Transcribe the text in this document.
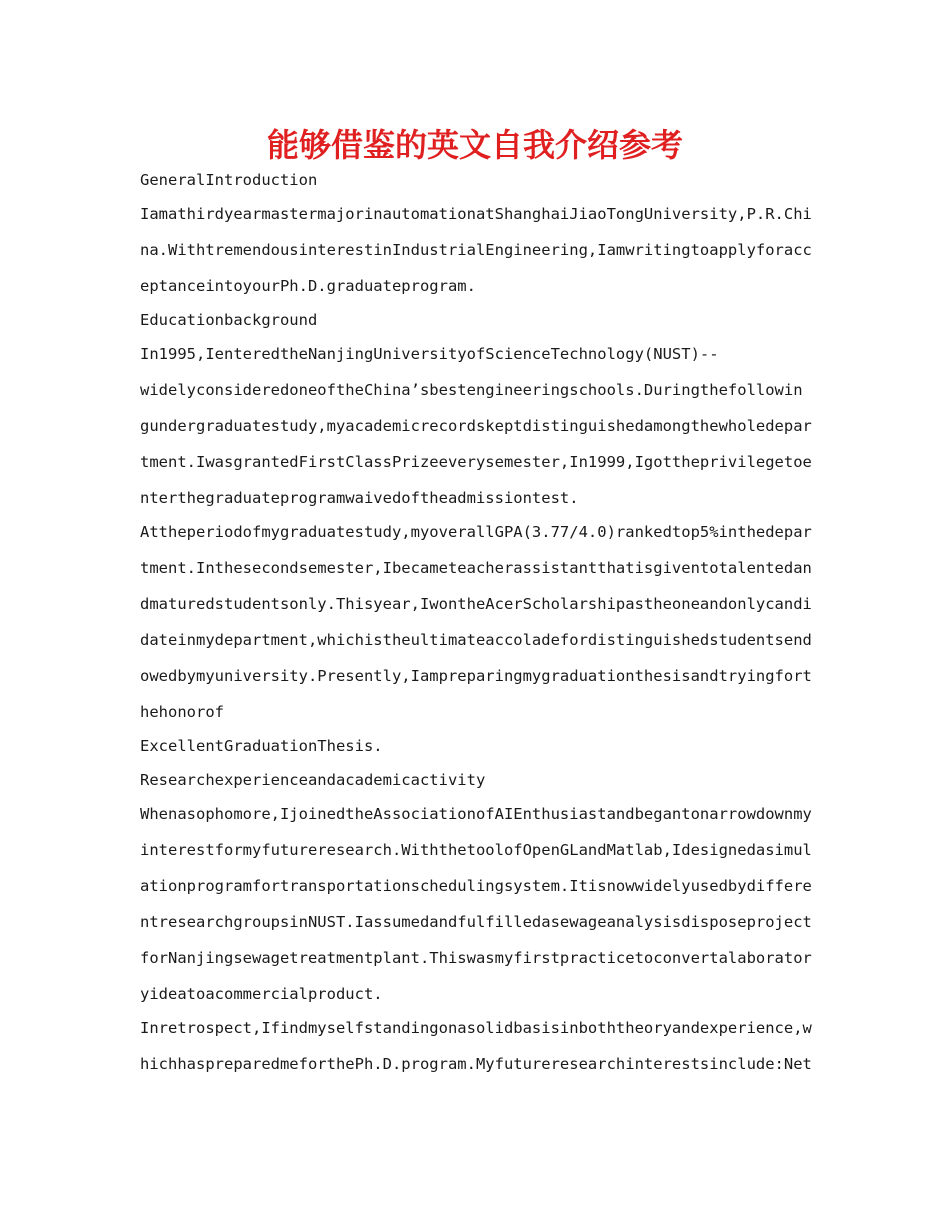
能够借鉴的英文自我介绍参考

GeneralIntroduction

IamathirdyearmastermajorinautomationatShanghaiJiaoTongUniversity,P.R.Chi

na.WithtremendousinterestinIndustrialEngineering,Iamwritingtoapplyforacc

eptanceintoyourPh.D.graduateprogram.

Educationbackground

In1995,IenteredtheNanjingUniversityofScienceTechnology(NUST)--

widelyconsideredoneoftheChina’sbestengineeringschools.Duringthefollowin

gundergraduatestudy,myacademicrecordskeptdistinguishedamongthewholedepar

tment.IwasgrantedFirstClassPrizeeverysemester,In1999,Igottheprivilegetoe

nterthegraduateprogramwaivedoftheadmissiontest.

Attheperiodofmygraduatestudy,myoverallGPA(3.77/4.0)rankedtop5%inthedepar

tment.Inthesecondsemester,Ibecameteacherassistantthatisgiventotalentedan

dmaturedstudentsonly.Thisyear,IwontheAcerScholarshipastheoneandonlycandi

dateinmydepartment,whichistheultimateaccoladefordistinguishedstudentsend

owedbymyuniversity.Presently,Iampreparingmygraduationthesisandtryingfort

hehonorof

ExcellentGraduationThesis.

Researchexperienceandacademicactivity

Whenasophomore,IjoinedtheAssociationofAIEnthusiastandbegantonarrowdownmy

interestformyfutureresearch.WiththetoolofOpenGLandMatlab,Idesignedasimul

ationprogramfortransportationschedulingsystem.Itisnowwidelyusedbydiffere

ntresearchgroupsinNUST.Iassumedandfulfilledasewageanalysisdisposeproject

forNanjingsewagetreatmentplant.Thiswasmyfirstpracticetoconvertalaborator

yideatoacommercialproduct.

Inretrospect,Ifindmyselfstandingonasolidbasisinboththeoryandexperience,w

hichhaspreparedmeforthePh.D.program.Myfutureresearchinterestsinclude:Net
